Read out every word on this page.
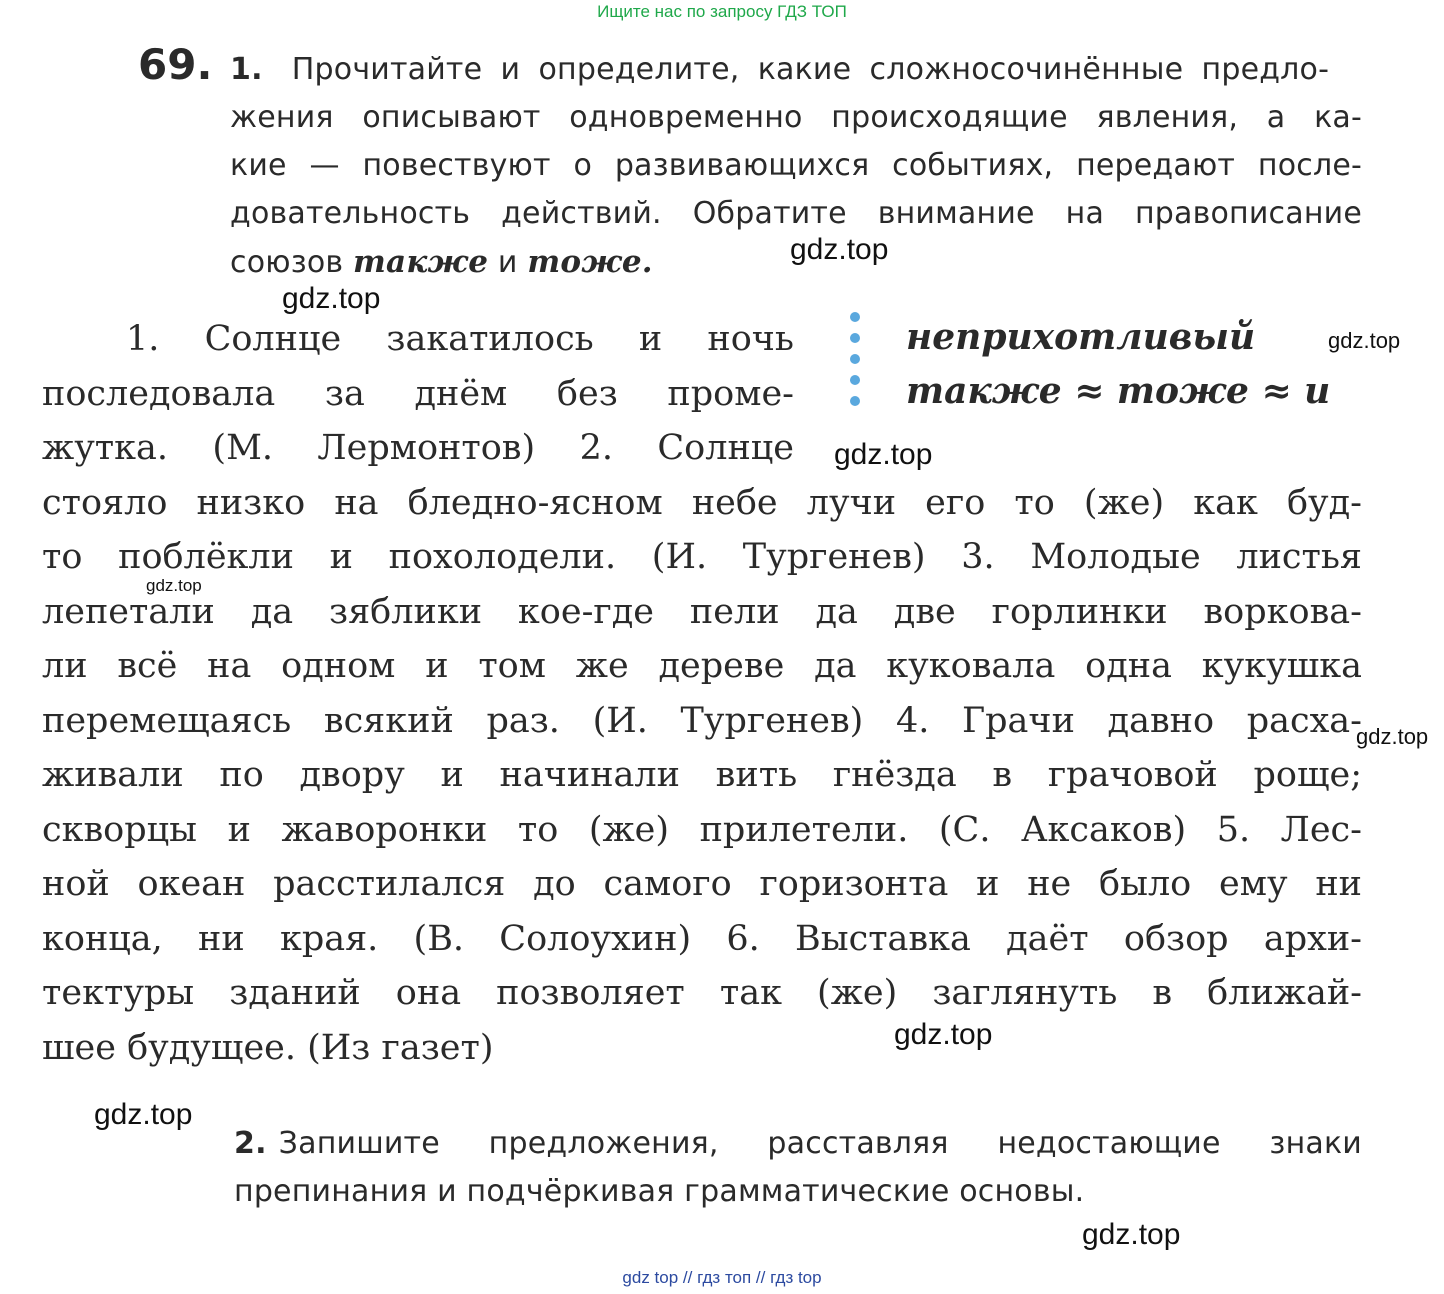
Ищите нас по запросу ГДЗ ТОП
69. 1. Прочитайте и определите, какие сложносочинённые предло-
жения описывают одновременно происходящие явления, а ка-
кие — повествуют о развивающихся событиях, передают после-
довательность действий. Обратите внимание на правописание
союзов также и тоже.
неприхотливый
также ≈ тоже ≈ и
1. Солнце закатилось и ночь
последовала за днём без проме-
жутка. (М. Лермонтов) 2. Солнце
стояло низко на бледно-ясном небе лучи его то (же) как буд-
то поблёкли и похолодели. (И. Тургенев) 3. Молодые листья
лепетали да зяблики кое-где пели да две горлинки воркова-
ли всё на одном и том же дереве да куковала одна кукушка
перемещаясь всякий раз. (И. Тургенев) 4. Грачи давно расха-
живали по двору и начинали вить гнёзда в грачовой роще;
скворцы и жаворонки то (же) прилетели. (С. Аксаков) 5. Лес-
ной океан расстилался до самого горизонта и не было ему ни
конца, ни края. (В. Солоухин) 6. Выставка даёт обзор архи-
тектуры зданий она позволяет так (же) заглянуть в ближай-
шее будущее. (Из газет)
2. Запишите предложения, расставляя недостающие знаки
препинания и подчёркивая грамматические основы.
gdz.top
gdz.top
gdz.top
gdz.top
gdz.top
gdz.top
gdz.top
gdz.top
gdz.top
gdz top // гдз топ // гдз top
